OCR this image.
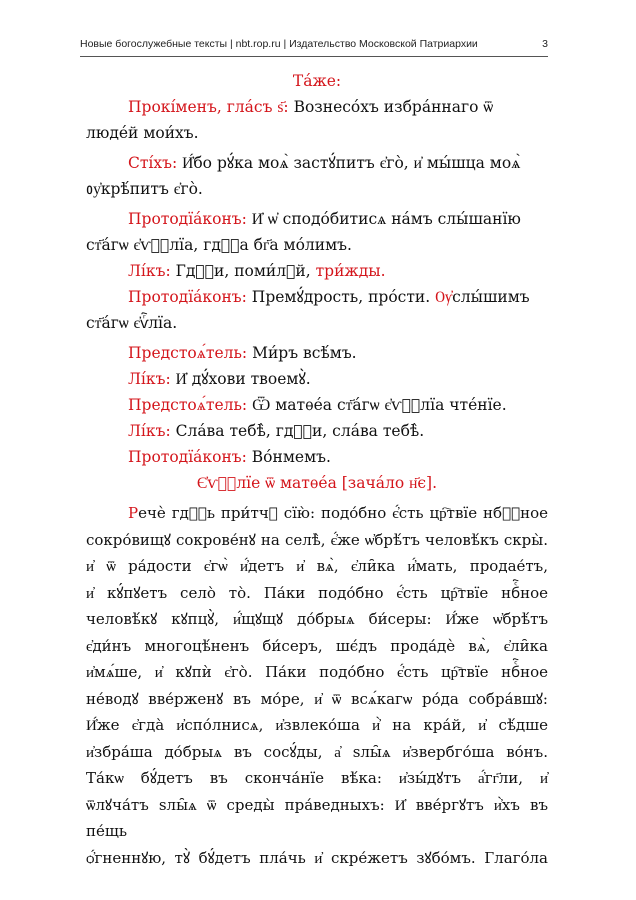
Новые богослужебные тексты | nbt.rop.ru | Издательство Московской Патриархии	3

Та́же:

Прокі́менъ, гла́съ ѕ҃: Вознесо́хъ избра́ннаго ѿ люде́й мои́хъ.

Сті́хъ: И҆́бо рꙋ́ка моѧ̀ застꙋ́питъ є҆го̀, и҆ мы́шца моѧ̀ ᲂу҆крѣ́питъ є҆го̀.

Протодїа́конъ: И҆ ѡ҆ сподо́битисѧ на́мъ слы́шанїю ст҃а́гѡ є҆ѵⷢ҇лїа, гдⷭ҇а бг҃а мо́лимъ.

Лі́къ: Гдⷭ҇и, поми́лꙋй, три́жды.

Протодїа́конъ: Премꙋ́дрость, про́сти. Ѹ҆слы́шимъ ст҃а́гѡ є҆ѵⷢ҇лїа.

Предстоѧ́тель: Ми́ръ всѣ́мъ.

Лі́къ: И҆ дꙋ́хови твоемꙋ̀.

Предстоѧ́тель: Ѿ матѳе́а ст҃а́гѡ є҆ѵⷢ҇лїа чте́нїе.

Лі́къ: Сла́ва тебѣ̀, гдⷭ҇и, сла́ва тебѣ̀.

Протодїа́конъ: Во́нмемъ.

Є҆ѵⷢ҇лїе ѿ матѳе́а [зача́ло н҃є].

Речѐ гдⷭ҇ь при́тчꙋ сїю̀: подо́бно є҆́сть цр҇твїе нбⷭ҇ное

сокро́вищꙋ сокрове́нꙋ на селѣ̀, є҆́же ѡ҆брѣ́тъ человѣ́къ скры̀.

и҆ ѿ ра́дости є҆гѡ̀ и҆́детъ и҆ вѧ̀, є҆ли̑ка и҆́мать, продае́тъ,

и҆ кꙋ́пꙋетъ село̀ то̀. Па́ки подо́бно є҆́сть цр҇твїе нбⷭ҇ное

человѣ́кꙋ кꙋпцꙋ̀, и҆́щꙋщꙋ до́брыѧ би́серы: И҆́же ѡ҆брѣ́тъ

є҆ди́нъ многоцѣ́ненъ би́серъ, шє́дъ прода́дѐ вѧ̀, є҆ли̑ка

и҆мѧ́ше, и҆ кꙋпѝ є҆го̀. Па́ки подо́бно є҆́сть цр҇твїе нбⷭ҇ное

не́водꙋ вве́рженꙋ въ мо́ре, и҆ ѿ всѧ́кагѡ ро́да собра́вшꙋ:

И҆́же є҆гда̀ и҆спо́лнисѧ, и҆звлеко́ша и҆̀ на кра́й, и҆ сѣ́дше

и҆збра́ша до́брыѧ въ сосꙋ́ды, а҆ ѕлы̑ѧ и҆звербго́ша во́нъ.

Та́кѡ бꙋ́детъ въ сконча́нїе вѣ́ка: и҆зы́дꙋтъ а҆́гг҃ли, и҆

ѿлꙋча́тъ ѕлы̑ѧ ѿ среды̀ пра́ведныхъ: И҆ вве́ргꙋтъ и҆̀хъ въ пе́щь

ѻ҆́гненнꙋю, тꙋ̀ бꙋ́детъ пла́чь и҆ скре́жетъ зꙋбо́мъ. Глаго́ла
